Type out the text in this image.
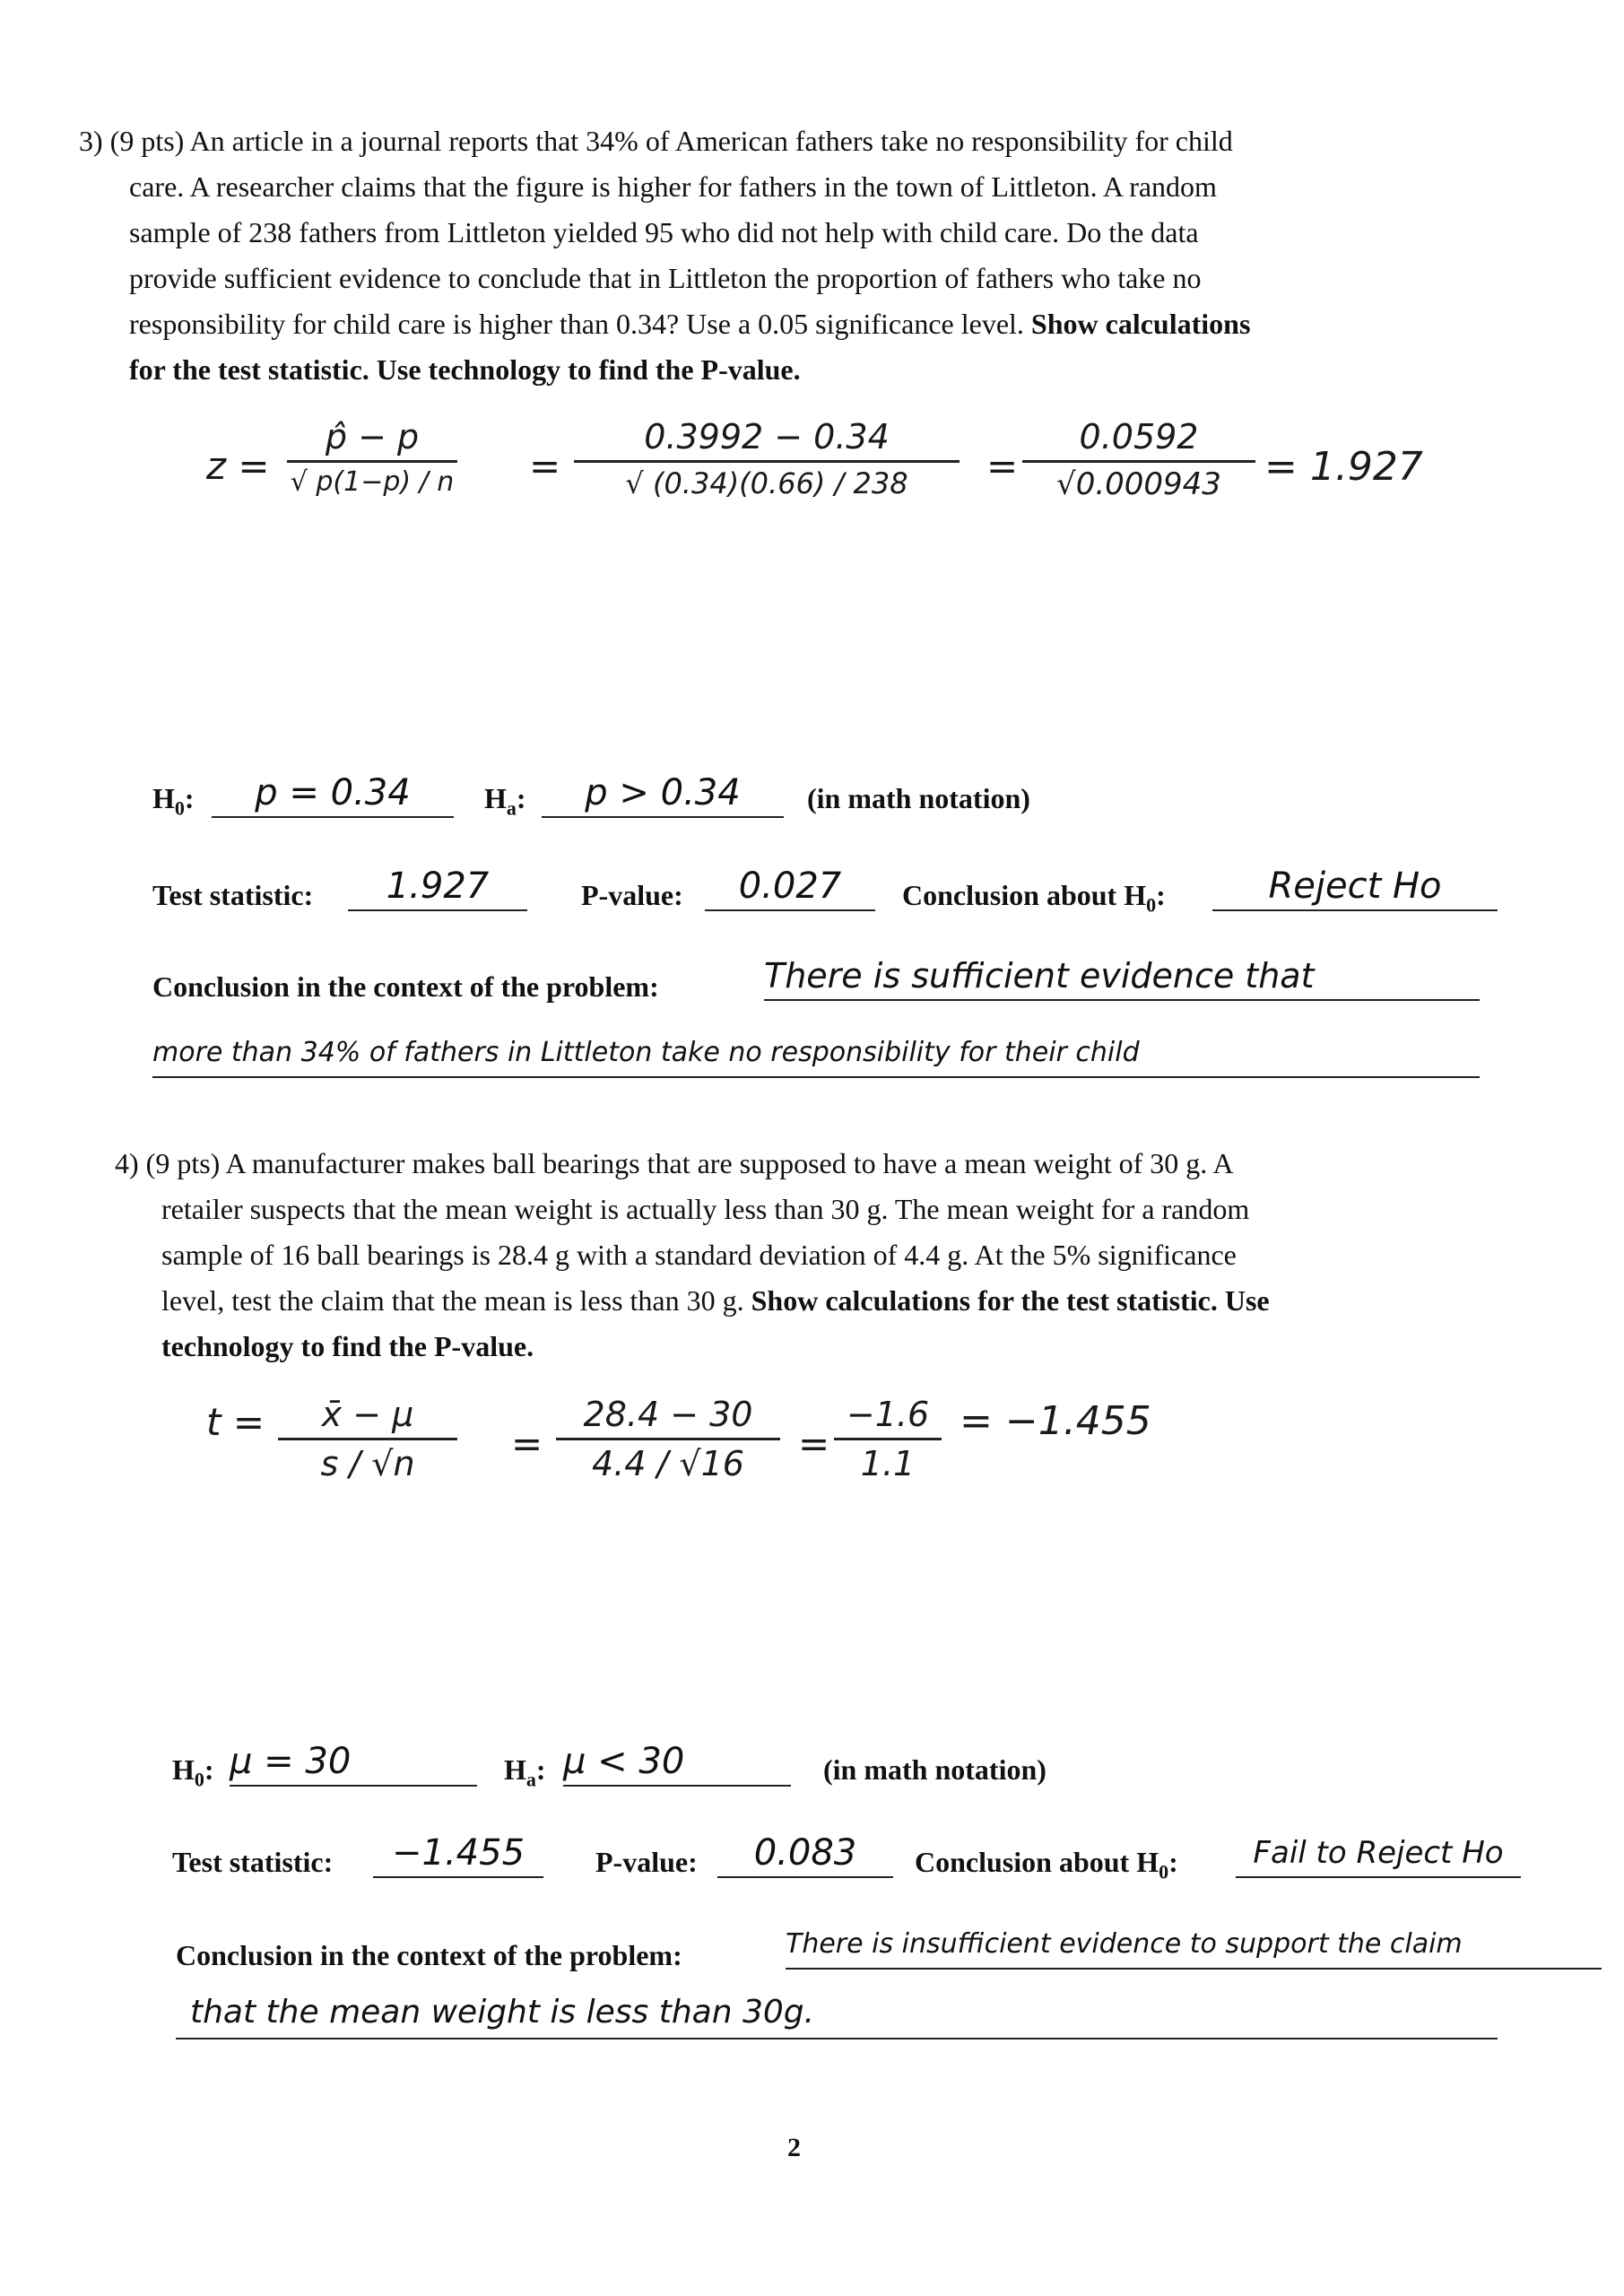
3) (9 pts) An article in a journal reports that 34% of American fathers take no responsibility for child
care. A researcher claims that the figure is higher for fathers in the town of Littleton. A random
sample of 238 fathers from Littleton yielded 95 who did not help with child care. Do the data
provide sufficient evidence to conclude that in Littleton the proportion of fathers who take no
responsibility for child care is higher than 0.34? Use a 0.05 significance level. Show calculations
for the test statistic. Use technology to find the P-value.
z =
p̂ − p
√ p(1−p) / n =
0.3992 − 0.34
√ (0.34)(0.66) / 238	=
0.0592
√0.000943	= 1.927
$H_0$:	p = 0.34	$H_a$:	p > 0.34	(in math notation)
Test statistic:	1.927	P-value:	0.027	Conclusion about $H_0$:	Reject Ho
Conclusion in the context of the problem:	There is sufficient evidence that
more than 34% of fathers in Littleton take no responsibility for their child
4) (9 pts) A manufacturer makes ball bearings that are supposed to have a mean weight of 30 g. A
retailer suspects that the mean weight is actually less than 30 g. The mean weight for a random
sample of 16 ball bearings is 28.4 g with a standard deviation of 4.4 g. At the 5% significance
level, test the claim that the mean is less than 30 g. Show calculations for the test statistic. Use
technology to find the P-value.
t =	x̄ − μ
s / √n	=
28.4 − 30
4.4 / √16	=
−1.6
1.1
= −1.455
$H_0$: μ = 30	$H_a$: μ < 30	(in math notation)
Test statistic:	−1.455	P-value:	0.083	Conclusion about $H_0$:	Fail to Reject Ho
Conclusion in the context of the problem:	There is insufficient evidence to support the claim
that the mean weight is less than 30g.
2
